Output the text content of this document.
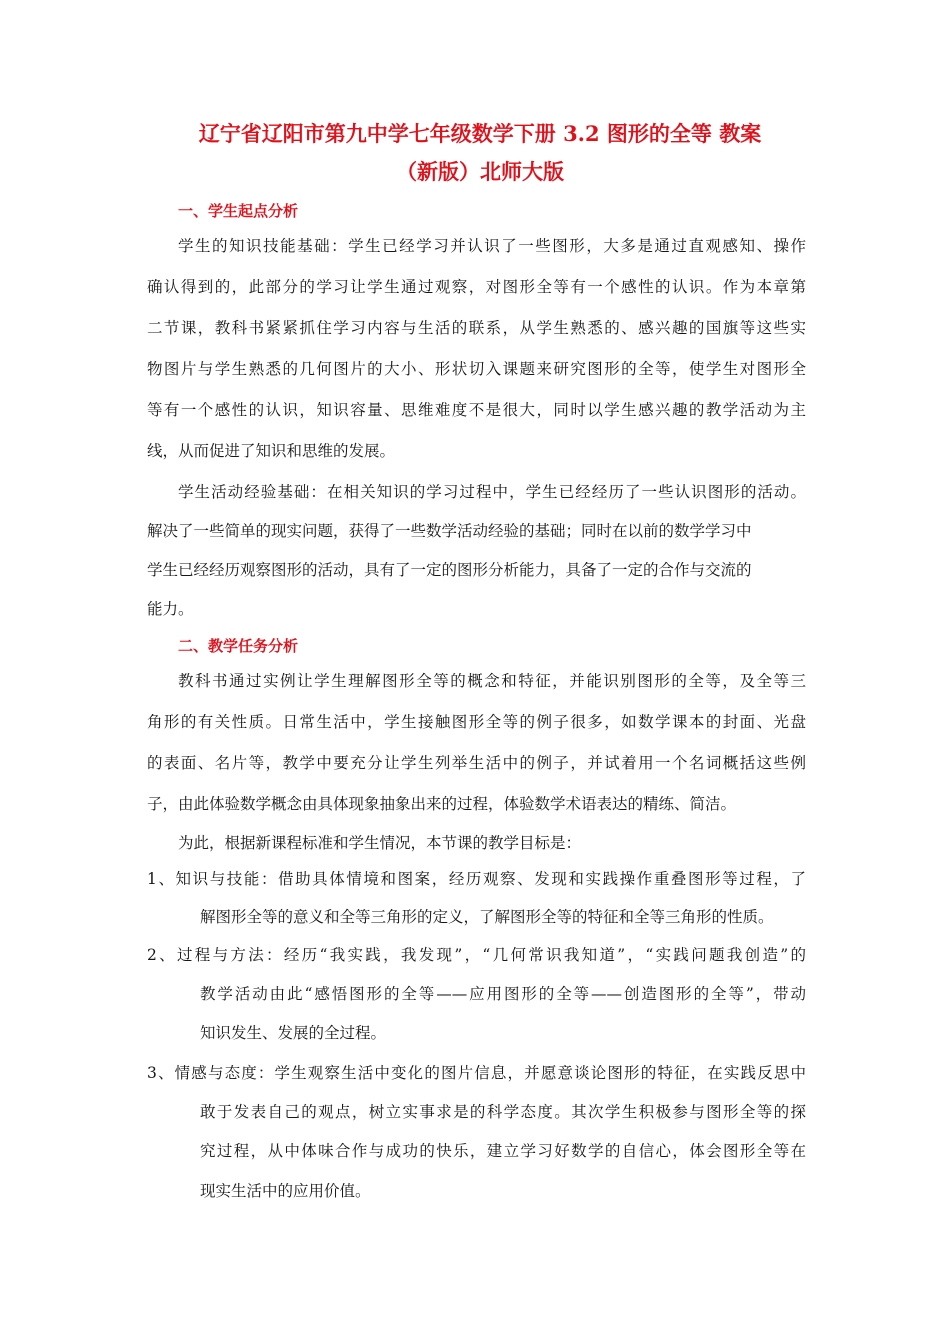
辽宁省辽阳市第九中学七年级数学下册 3.2 图形的全等 教案
（新版）北师大版
一、学生起点分析
学生的知识技能基础：学生已经学习并认识了一些图形，大多是通过直观感知、操作
确认得到的，此部分的学习让学生通过观察，对图形全等有一个感性的认识。作为本章第
二节课，教科书紧紧抓住学习内容与生活的联系，从学生熟悉的、感兴趣的国旗等这些实
物图片与学生熟悉的几何图片的大小、形状切入课题来研究图形的全等，使学生对图形全
等有一个感性的认识，知识容量、思维难度不是很大，同时以学生感兴趣的教学活动为主
线，从而促进了知识和思维的发展。
学生活动经验基础：在相关知识的学习过程中，学生已经经历了一些认识图形的活动。
解决了一些简单的现实问题，获得了一些数学活动经验的基础；同时在以前的数学学习中
学生已经经历观察图形的活动，具有了一定的图形分析能力，具备了一定的合作与交流的
能力。
二、教学任务分析
教科书通过实例让学生理解图形全等的概念和特征，并能识别图形的全等，及全等三
角形的有关性质。日常生活中，学生接触图形全等的例子很多，如数学课本的封面、光盘
的表面、名片等，教学中要充分让学生列举生活中的例子，并试着用一个名词概括这些例
子，由此体验数学概念由具体现象抽象出来的过程，体验数学术语表达的精练、简洁。
为此，根据新课程标准和学生情况，本节课的教学目标是：
1、知识与技能：借助具体情境和图案，经历观察、发现和实践操作重叠图形等过程，了
解图形全等的意义和全等三角形的定义，了解图形全等的特征和全等三角形的性质。
2、过程与方法：经历“我实践，我发现”，“几何常识我知道”，“实践问题我创造”的
教学活动由此“感悟图形的全等——应用图形的全等——创造图形的全等”，带动
知识发生、发展的全过程。
3、情感与态度：学生观察生活中变化的图片信息，并愿意谈论图形的特征，在实践反思中
敢于发表自己的观点，树立实事求是的科学态度。其次学生积极参与图形全等的探
究过程，从中体味合作与成功的快乐，建立学习好数学的自信心，体会图形全等在
现实生活中的应用价值。
